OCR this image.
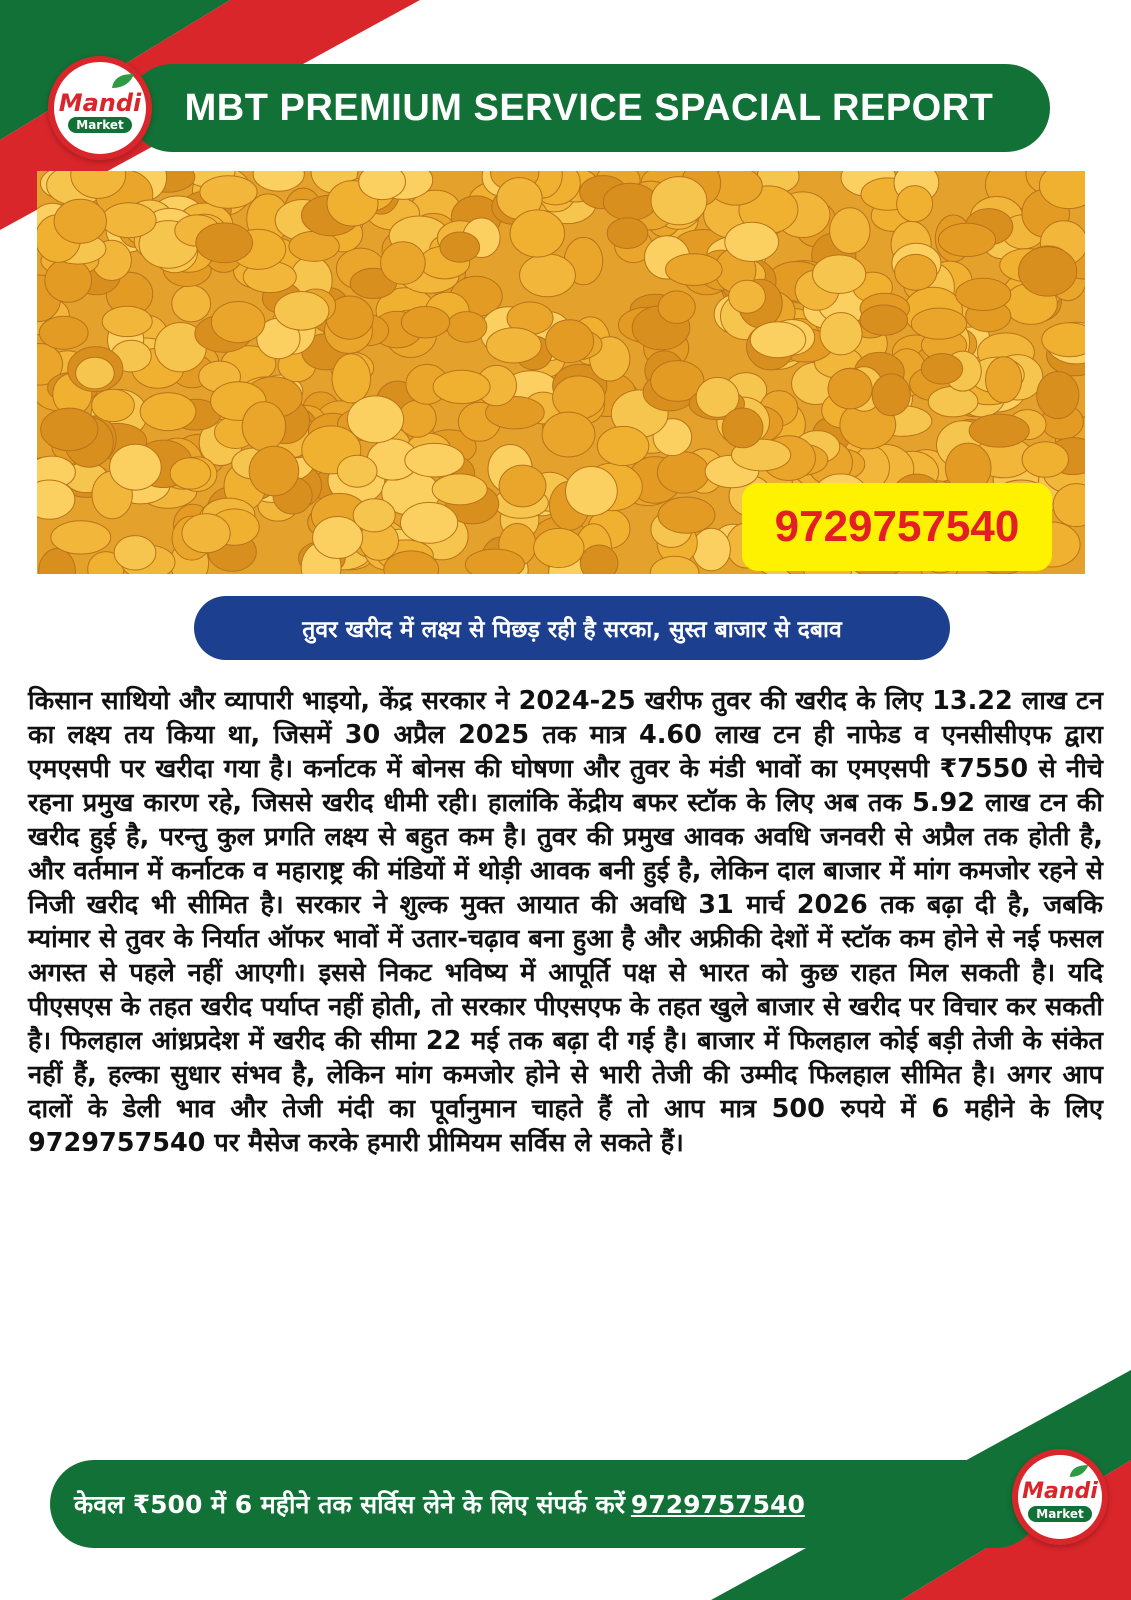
MBT PREMIUM SERVICE SPACIAL REPORT
Mandi
Market
9729757540
तुवर खरीद में लक्ष्य से पिछड़ रही है सरका, सुस्त बाजार से दबाव
किसान साथियो और व्यापारी भाइयो, केंद्र सरकार ने 2024-25 खरीफ तुवर की खरीद के लिए 13.22 लाख टन का लक्ष्य तय किया था, जिसमें 30 अप्रैल 2025 तक मात्र 4.60 लाख टन ही नाफेड व एनसीसीएफ द्वारा एमएसपी पर खरीदा गया है। कर्नाटक में बोनस की घोषणा और तुवर के मंडी भावों का एमएसपी ₹7550 से नीचे रहना प्रमुख कारण रहे, जिससे खरीद धीमी रही। हालांकि केंद्रीय बफर स्टॉक के लिए अब तक 5.92 लाख टन की खरीद हुई है, परन्तु कुल प्रगति लक्ष्य से बहुत कम है। तुवर की प्रमुख आवक अवधि जनवरी से अप्रैल तक होती है, और वर्तमान में कर्नाटक व महाराष्ट्र की मंडियों में थोड़ी आवक बनी हुई है, लेकिन दाल बाजार में मांग कमजोर रहने से निजी खरीद भी सीमित है। सरकार ने शुल्क मुक्त आयात की अवधि 31 मार्च 2026 तक बढ़ा दी है, जबकि म्यांमार से तुवर के निर्यात ऑफर भावों में उतार-चढ़ाव बना हुआ है और अफ्रीकी देशों में स्टॉक कम होने से नई फसल अगस्त से पहले नहीं आएगी। इससे निकट भविष्य में आपूर्ति पक्ष से भारत को कुछ राहत मिल सकती है। यदि पीएसएस के तहत खरीद पर्याप्त नहीं होती, तो सरकार पीएसएफ के तहत खुले बाजार से खरीद पर विचार कर सकती है। फिलहाल आंध्रप्रदेश में खरीद की सीमा 22 मई तक बढ़ा दी गई है। बाजार में फिलहाल कोई बड़ी तेजी के संकेत नहीं हैं, हल्का सुधार संभव है, लेकिन मांग कमजोर होने से भारी तेजी की उम्मीद फिलहाल सीमित है। अगर आप दालों के डेली भाव और तेजी मंदी का पूर्वानुमान चाहते हैं तो आप मात्र 500 रुपये में 6 महीने के लिए 9729757540 पर मैसेज करके हमारी प्रीमियम सर्विस ले सकते हैं।
केवल ₹500 में 6 महीने तक सर्विस लेने के लिए संपर्क करें 9729757540	Mandi
Market
